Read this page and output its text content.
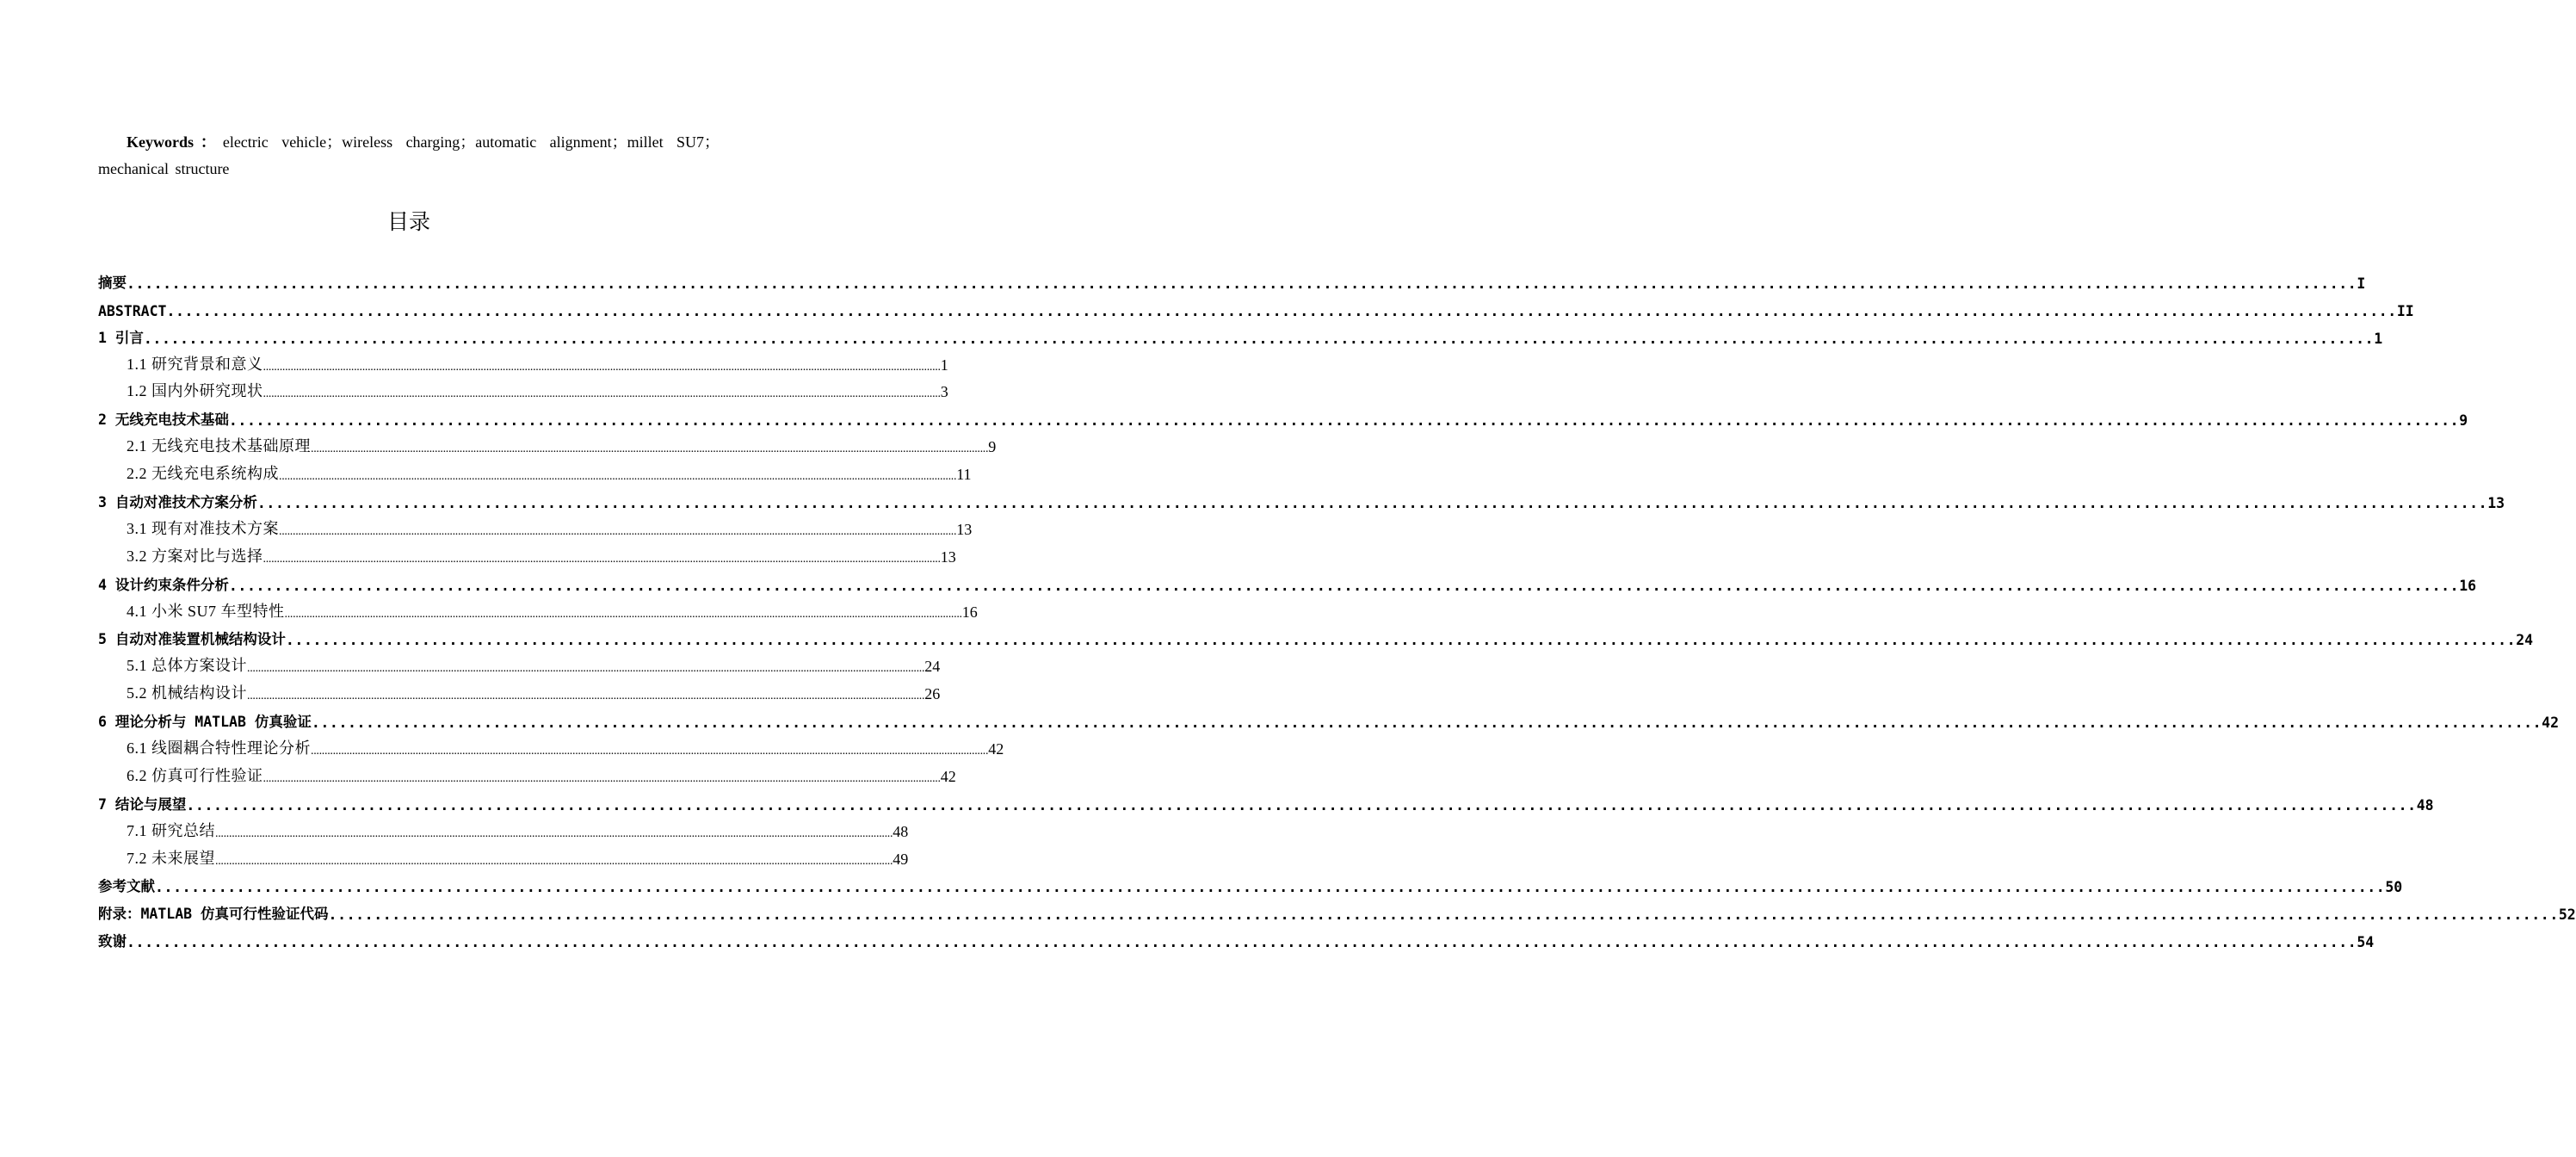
Keywords：electric vehicle；wireless charging；automatic alignment；millet SU7；mechanical structure

目录
摘要 ...................................................................................................................................................................................................................................................... I
ABSTRACT ...................................................................................................................................................................................................................................................... II
1 引言 ...................................................................................................................................................................................................................................................... 1
1.1 研究背景和意义 ...................................................................................................................................................................................................................................................... 1
1.2 国内外研究现状 ...................................................................................................................................................................................................................................................... 3
2 无线充电技术基础 ...................................................................................................................................................................................................................................................... 9
2.1 无线充电技术基础原理 ...................................................................................................................................................................................................................................................... 9
2.2 无线充电系统构成 ...................................................................................................................................................................................................................................................... 11
3 自动对准技术方案分析 ...................................................................................................................................................................................................................................................... 13
3.1 现有对准技术方案 ...................................................................................................................................................................................................................................................... 13
3.2 方案对比与选择 ...................................................................................................................................................................................................................................................... 13
4 设计约束条件分析 ...................................................................................................................................................................................................................................................... 16
4.1 小米 SU7 车型特性 ...................................................................................................................................................................................................................................................... 16
5 自动对准装置机械结构设计 ...................................................................................................................................................................................................................................................... 24
5.1 总体方案设计 ...................................................................................................................................................................................................................................................... 24
5.2 机械结构设计 ...................................................................................................................................................................................................................................................... 26
6 理论分析与 MATLAB 仿真验证 ...................................................................................................................................................................................................................................................... 42
6.1 线圈耦合特性理论分析 ...................................................................................................................................................................................................................................................... 42
6.2 仿真可行性验证 ...................................................................................................................................................................................................................................................... 42
7 结论与展望 ...................................................................................................................................................................................................................................................... 48
7.1 研究总结 ...................................................................................................................................................................................................................................................... 48
7.2 未来展望 ...................................................................................................................................................................................................................................................... 49
参考文献 ...................................................................................................................................................................................................................................................... 50
附录：MATLAB 仿真可行性验证代码 ...................................................................................................................................................................................................................................................... 52
致谢 ...................................................................................................................................................................................................................................................... 54
